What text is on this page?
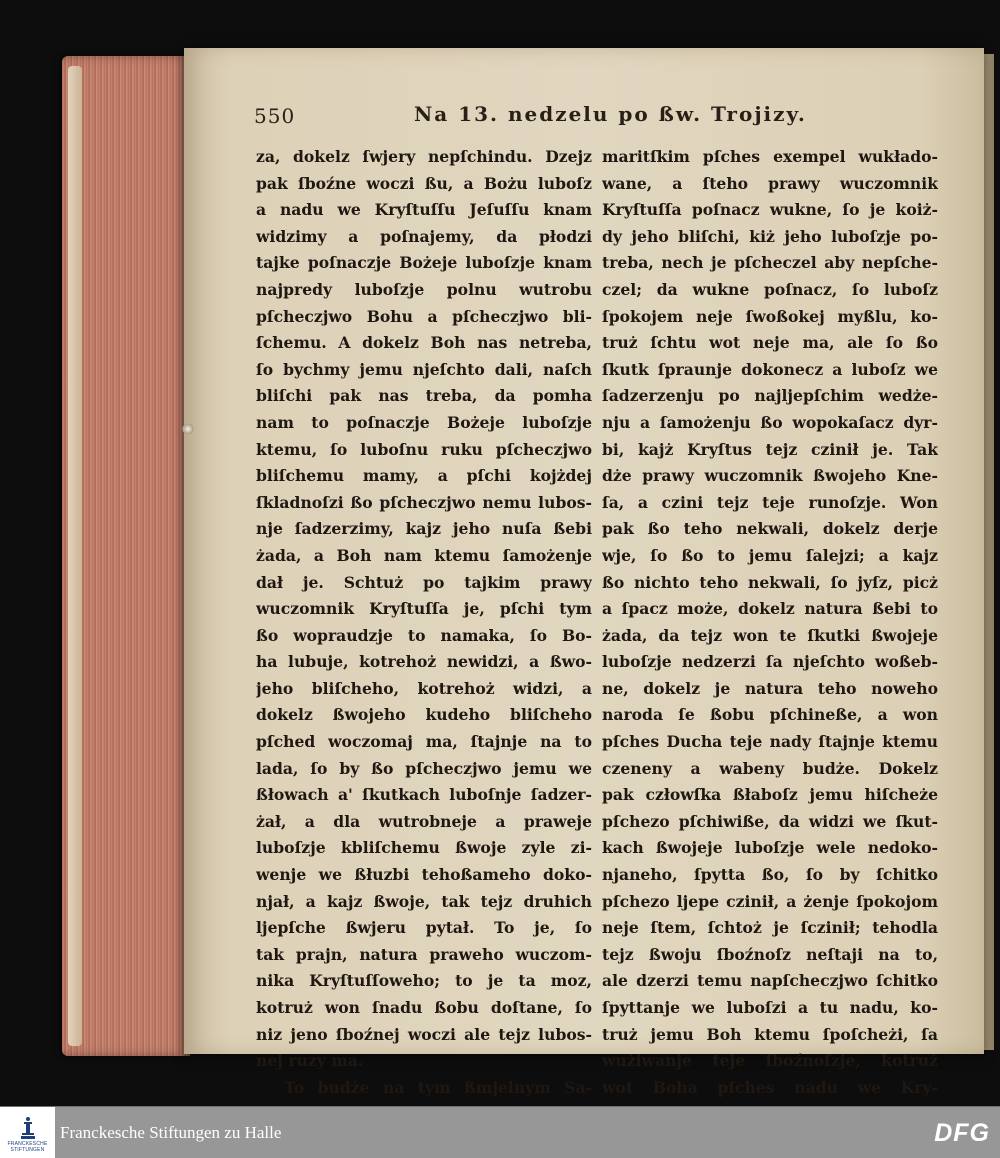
550	Na 13. nedzelu po ßw. Trojizy.
za, dokelz ſwjery nepſchindu. Dzejz
pak ſboźne woczi ßu, a Bożu luboſz
a nadu we Kryſtuſſu Jeſuſſu knam
widzimy a poſnajemy, da płodzi
tajke poſnaczje Bożeje luboſzje knam
najpredy luboſzje polnu wutrobu
pſcheczjwo Bohu a pſcheczjwo bli-
ſchemu. A dokelz Boh nas netreba,
ſo bychmy jemu njeſchto dali, naſch
bliſchi pak nas treba, da pomha
nam to poſnaczje Bożeje luboſzje
ktemu, ſo luboſnu ruku pſcheczjwo
bliſchemu mamy, a pſchi kojżdej
ſkladnoſzi ßo pſcheczjwo nemu lubos-
nje ſadzerzimy, kajz jeho nuſa ßebi
żada, a Boh nam ktemu ſamożenje
dał je. Schtuż po tajkim prawy
wuczomnik Kryſtuſſa je, pſchi tym
ßo wopraudzje to namaka, ſo Bo-
ha lubuje, kotrehoż newidzi, a ßwo-
jeho bliſcheho, kotrehoż widzi, a
dokelz ßwojeho kudeho bliſcheho
pſched woczomaj ma, ſtajnje na to
lada, ſo by ßo pſcheczjwo jemu we
ßłowach a' ſkutkach luboſnje ſadzer-
żał, a dla wutrobneje a praweje
luboſzje kbliſchemu ßwoje zyle zi-
wenje we ßłuzbi tehoßameho doko-
njał, a kajz ßwoje, tak tejz druhich
ljepſche ßwjeru pytał. To je, ſo
tak prajn, natura praweho wuczom-
nika Kryſtuſſoweho; to je ta moz,
kotruż won ſnadu ßobu doſtane, ſo
niz jeno ſboźnej woczi ale tejz lubos-
nej ruzy ma.
To budże na tym ßmjelnym Sa-
maritſkim pſches exempel wukłado-
wane, a ſteho prawy wuczomnik
Kryſtuſſa poſnacz wukne, ſo je koiż-
dy jeho bliſchi, kiż jeho luboſzje po-
treba, nech je pſcheczel aby nepſche-
czel; da wukne poſnacz, ſo luboſz
ſpokojem neje ſwoßokej myßlu, ko-
truż ſchtu wot neje ma, ale ſo ßo
ſkutk ſpraunje dokonecz a luboſz we
ſadzerzenju po najljepſchim wedże-
nju a ſamożenju ßo wopokaſacz dyr-
bi, kajż Kryſtus tejz czinił je. Tak
dże prawy wuczomnik ßwojeho Kne-
ſa, a czini tejz teje runoſzje. Won
pak ßo teho nekwali, dokelz derje
wje, ſo ßo to jemu ſalejzi; a kajz
ßo nichto teho nekwali, ſo jyſz, picż
a ſpacz może, dokelz natura ßebi to
żada, da tejz won te ſkutki ßwojeje
luboſzje nedzerzi ſa njeſchto woßeb-
ne, dokelz je natura teho noweho
naroda ſe ßobu pſchineße, a won
pſches Ducha teje nady ſtajnje ktemu
czeneny a wabeny budże. Dokelz
pak człowſka ßłaboſz jemu hiſcheże
pſchezo pſchiwiße, da widzi we ſkut-
kach ßwojeje luboſzje wele nedoko-
njaneho, ſpytta ßo, ſo by ſchitko
pſchezo ljepe czinił, a żenje ſpokojom
neje ſtem, ſchtoż je ſczinił; tehodla
tejz ßwoju ſboźnoſz neſtaji na to,
ale dzerzi temu napſcheczjwo ſchitko
ſpyttanje we luboſzi a tu nadu, ko-
truż jemu Boh ktemu ſpoſcheżi, ſa
wużiwanje teje ſboźnoſzje, kotruż
wot Boha pſches nadu we Kry-
FRANCKESCHE
STIFTUNGEN
Franckesche Stiftungen zu Halle	DFG
